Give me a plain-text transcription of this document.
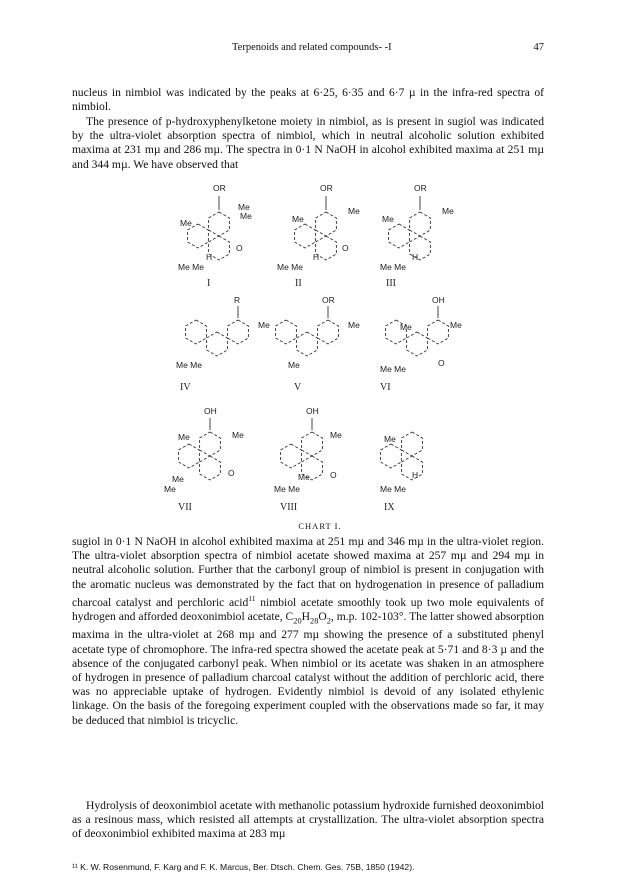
Terpenoids and related compounds- -I	47

nucleus in nimbiol was indicated by the peaks at 6·25, 6·35 and 6·7 µ in the infra-red spectra of nimbiol.

The presence of p-hydroxyphenylketone moiety in nimbiol, as is present in sugiol was indicated by the ultra-violet absorption spectra of nimbiol, which in neutral alcoholic solution exhibited maxima at 231 mµ and 286 mµ. The spectra in 0·1 N NaOH in alcohol exhibited maxima at 251 mµ and 344 mµ. We have observed that

OR
Me
Me
Me
H
O
Me Me
I
OR
Me
Me
H
O
Me Me
II
OR
Me
Me
H
Me Me
III
R
Me
Me Me
IV
OR
Me
Me
V
OH
Me
Me
O
Me Me
VI
OH
Me	Me
O
Me
Me
VII
OH
Me
O
Me
Me Me
VIII
Me
H
Me Me
IX
CHART I.

sugiol in 0·1 N NaOH in alcohol exhibited maxima at 251 mµ and 346 mµ in the ultra-violet region. The ultra-violet absorption spectra of nimbiol acetate showed maxima at 257 mµ and 294 mµ in neutral alcoholic solution. Further that the carbonyl group of nimbiol is present in conjugation with the aromatic nucleus was demonstrated by the fact that on hydrogenation in presence of palladium charcoal catalyst and perchloric acid$^{11}$ nimbiol acetate smoothly took up two mole equivalents of hydrogen and afforded deoxonimbiol acetate, $C_{20}H_{28}O_2$, m.p. 102-103°. The latter showed absorption maxima in the ultra-violet at 268 mµ and 277 mµ showing the presence of a substituted phenyl acetate type of chromophore. The infra-red spectra showed the acetate peak at 5·71 and 8·3 µ and the absence of the conjugated carbonyl peak. When nimbiol or its acetate was shaken in an atmosphere of hydrogen in presence of palladium charcoal catalyst without the addition of perchloric acid, there was no appreciable uptake of hydrogen. Evidently nimbiol is devoid of any isolated ethylenic linkage. On the basis of the foregoing experiment coupled with the observations made so far, it may be deduced that nimbiol is tricyclic.

Hydrolysis of deoxonimbiol acetate with methanolic potassium hydroxide furnished deoxonimbiol as a resinous mass, which resisted all attempts at crystallization. The ultra-violet absorption spectra of deoxonimbiol exhibited maxima at 283 mµ

¹¹ K. W. Rosenmund, F. Karg and F. K. Marcus, Ber. Dtsch. Chem. Ges. 75B, 1850 (1942).
